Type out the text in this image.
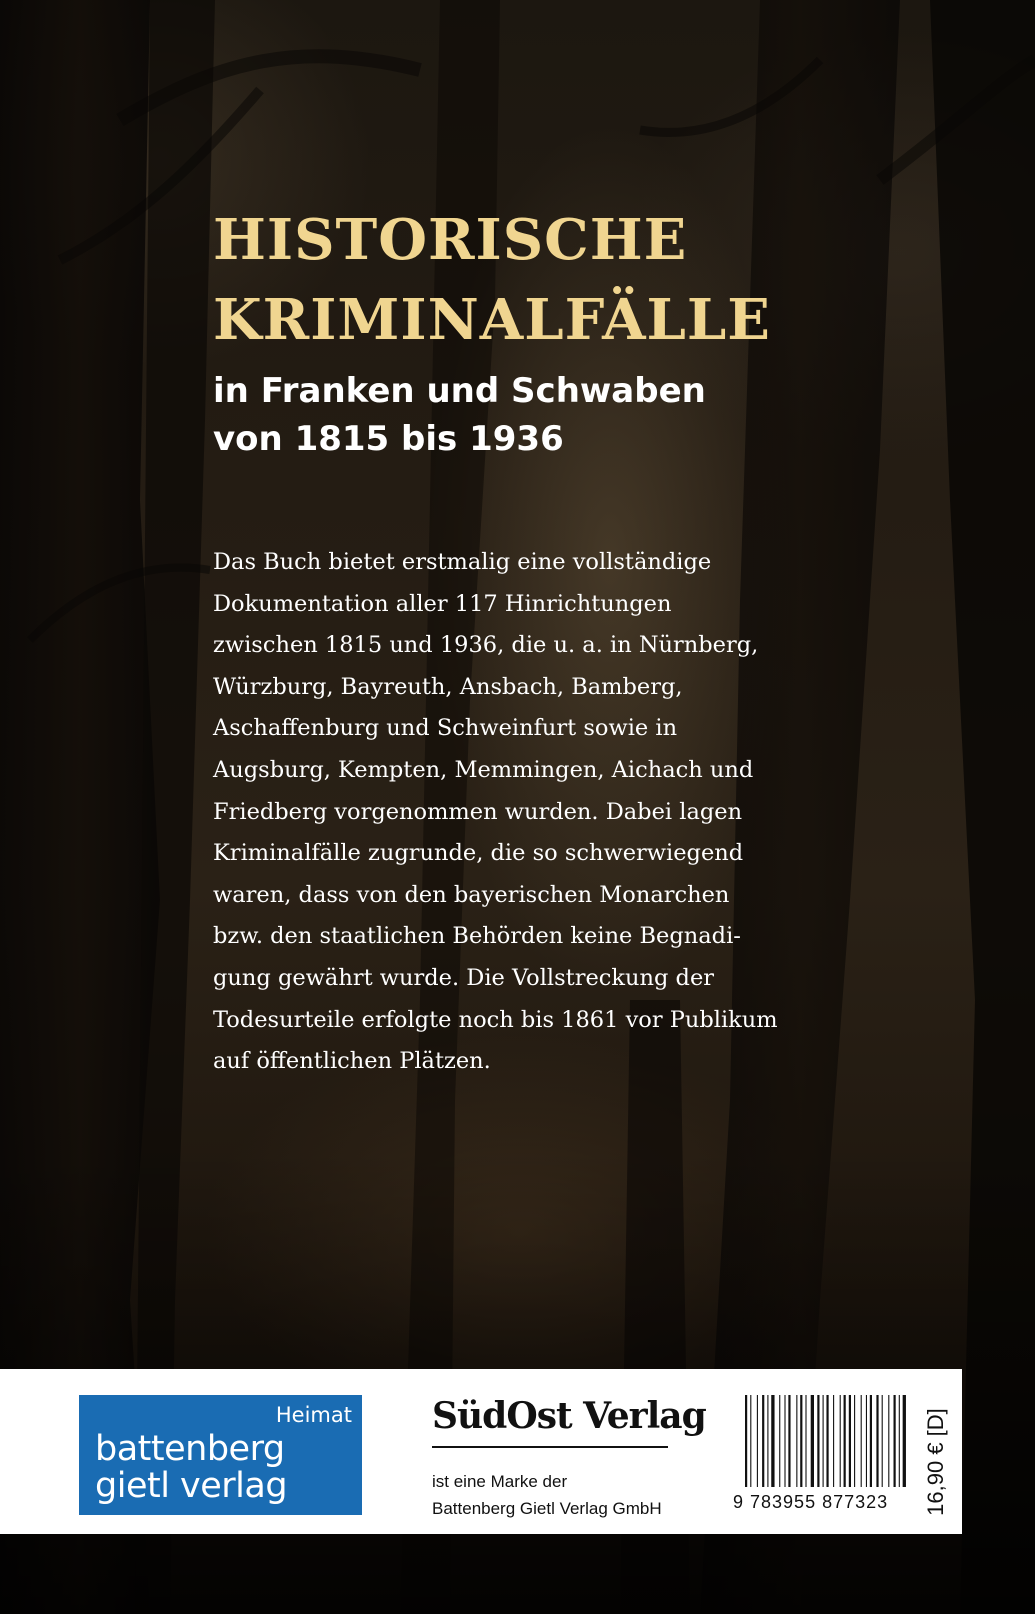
HISTORISCHE
KRIMINALFÄLLE
in Franken und Schwaben
von 1815 bis 1936
Das Buch bietet erstmalig eine vollständige
Dokumentation aller 117 Hinrichtungen
zwischen 1815 und 1936, die u. a. in Nürnberg,
Würzburg, Bayreuth, Ansbach, Bamberg,
Aschaffenburg und Schweinfurt sowie in
Augsburg, Kempten, Memmingen, Aichach und
Friedberg vorgenommen wurden. Dabei lagen
Kriminalfälle zugrunde, die so schwerwiegend
waren, dass von den bayerischen Monarchen
bzw. den staatlichen Behörden keine Begnadi-
gung gewährt wurde. Die Vollstreckung der
Todesurteile erfolgte noch bis 1861 vor Publikum
auf öffentlichen Plätzen.
Heimat
battenberg
gietl verlag
SüdOst Verlag
ist eine Marke der
Battenberg Gietl Verlag GmbH	9 783955 877323	16,90 € [D]
